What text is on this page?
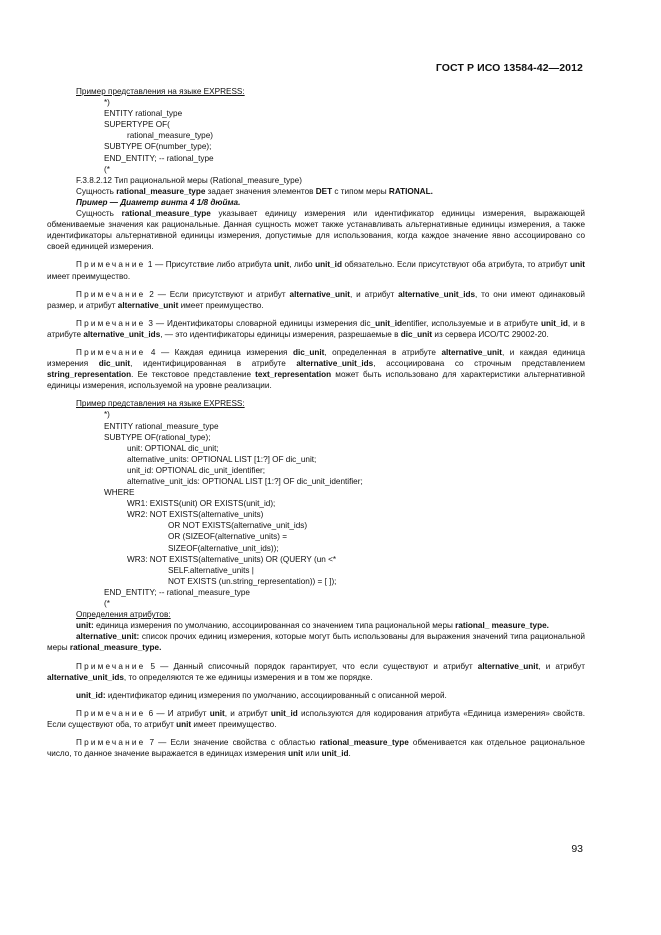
ГОСТ Р ИСО 13584-42—2012

Пример представления на языке EXPRESS:

*)

ENTITY rational_type

SUPERTYPE OF(

rational_measure_type)

SUBTYPE OF(number_type);

END_ENTITY; -- rational_type

(*

F.3.8.2.12 Тип рациональной меры (Rational_measure_type)

Сущность rational_measure_type задает значения элементов DET с типом меры RATIONAL.

Пример — Диаметр винта 4 1/8 дюйма.

Сущность rational_measure_type указывает единицу измерения или идентификатор единицы измерения, выражающей обмениваемые значения как рациональные. Данная сущность может также устанавливать альтернативные единицы измерения, а также идентификаторы альтернативной единицы измерения, допустимые для использования, когда каждое значение явно ассоциировано со своей единицей измерения.

Примечание 1 — Присутствие либо атрибута unit, либо unit_id обязательно. Если присутствуют оба атрибута, то атрибут unit имеет преимущество.

Примечание 2 — Если присутствуют и атрибут alternative_unit, и атрибут alternative_unit_ids, то они имеют одинаковый размер, и атрибут alternative_unit имеет преимущество.

Примечание 3 — Идентификаторы словарной единицы измерения dic_unit_identifier, используемые и в атрибуте unit_id, и в атрибуте alternative_unit_ids, — это идентификаторы единицы измерения, разрешаемые в dic_unit из сервера ИСО/ТС 29002-20.

Примечание 4 — Каждая единица измерения dic_unit, определенная в атрибуте alternative_unit, и каждая единица измерения dic_unit, идентифицированная в атрибуте alternative_unit_ids, ассоциирована со строчным представлением string_representation. Ее текстовое представление text_representation может быть использовано для характеристики альтернативной единицы измерения, используемой на уровне реализации.

Пример представления на языке EXPRESS:

*)

ENTITY rational_measure_type

SUBTYPE OF(rational_type);

unit: OPTIONAL dic_unit;

alternative_units: OPTIONAL LIST [1:?] OF dic_unit;

unit_id: OPTIONAL dic_unit_identifier;

alternative_unit_ids: OPTIONAL LIST [1:?] OF dic_unit_identifier;

WHERE

WR1: EXISTS(unit) OR EXISTS(unit_id);

WR2: NOT EXISTS(alternative_units)

OR NOT EXISTS(alternative_unit_ids)

OR (SIZEOF(alternative_units) =

SIZEOF(alternative_unit_ids));

WR3: NOT EXISTS(alternative_units) OR (QUERY (un <*

SELF.alternative_units |

NOT EXISTS (un.string_representation)) = [ ]);

END_ENTITY; -- rational_measure_type

(*

Определения атрибутов:

unit: единица измерения по умолчанию, ассоциированная со значением типа рациональной меры rational_ measure_type.

alternative_unit: список прочих единиц измерения, которые могут быть использованы для выражения значений типа рациональной меры rational_measure_type.

Примечание 5 — Данный списочный порядок гарантирует, что если существуют и атрибут alternative_unit, и атрибут alternative_unit_ids, то определяются те же единицы измерения и в том же порядке.

unit_id: идентификатор единиц измерения по умолчанию, ассоциированный с описанной мерой.

Примечание 6 — И атрибут unit, и атрибут unit_id используются для кодирования атрибута «Единица измерения» свойств. Если существуют оба, то атрибут unit имеет преимущество.

Примечание 7 — Если значение свойства с областью rational_measure_type обменивается как отдельное рациональное число, то данное значение выражается в единицах измерения unit или unit_id.

93
